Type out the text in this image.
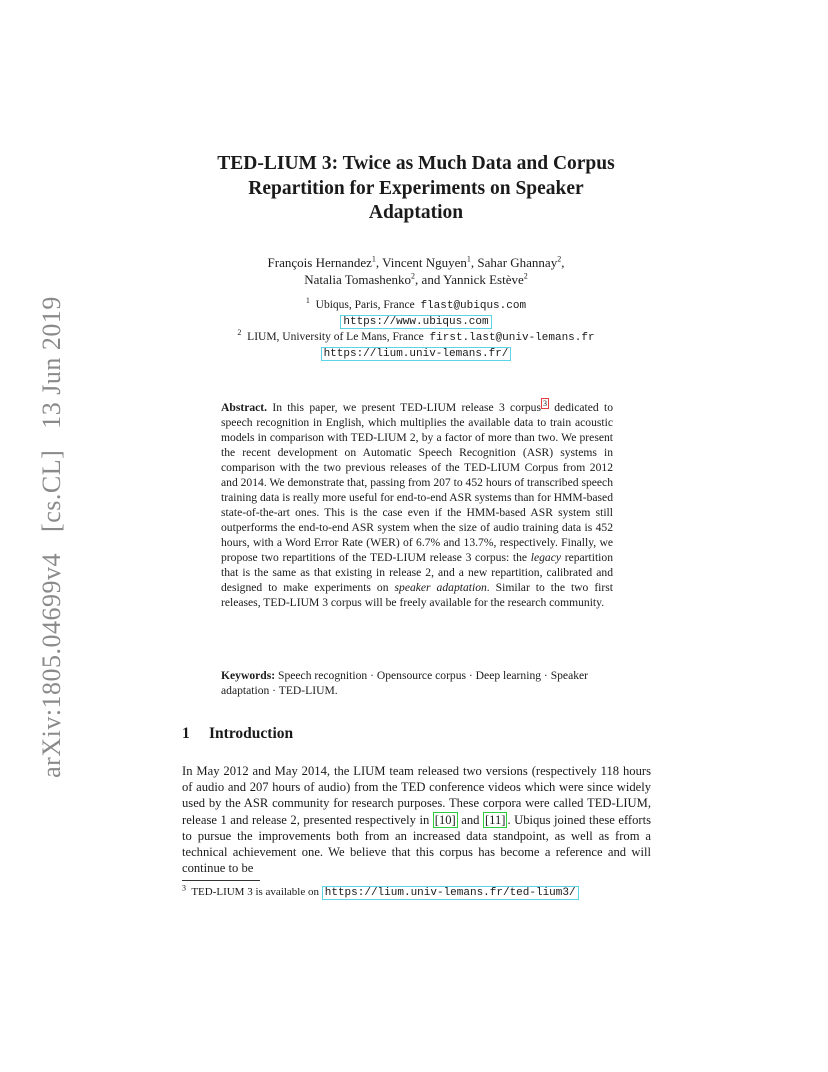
arXiv:1805.04699v4 [cs.CL] 13 Jun 2019
TED-LIUM 3: Twice as Much Data and Corpus
Repartition for Experiments on Speaker
Adaptation
François Hernandez$^1$, Vincent Nguyen$^1$, Sahar Ghannay$^2$,
Natalia Tomashenko$^2$, and Yannick Estève$^2$
$^1$ Ubiqus, Paris, France flast@ubiqus.com
https://www.ubiqus.com
$^2$ LIUM, University of Le Mans, France first.last@univ-lemans.fr
https://lium.univ-lemans.fr/
Abstract. In this paper, we present TED-LIUM release 3 corpus $^3$ dedicated to speech recognition in English, which multiplies the available data to train acoustic models in comparison with TED-LIUM 2, by a factor of more than two. We present the recent development on Automatic Speech Recognition (ASR) systems in comparison with the two previous releases of the TED-LIUM Corpus from 2012 and 2014. We demonstrate that, passing from 207 to 452 hours of transcribed speech training data is really more useful for end-to-end ASR systems than for HMM-based state-of-the-art ones. This is the case even if the HMM-based ASR system still outperforms the end-to-end ASR system when the size of audio training data is 452 hours, with a Word Error Rate (WER) of 6.7% and 13.7%, respectively. Finally, we propose two repartitions of the TED-LIUM release 3 corpus: the legacy repartition that is the same as that existing in release 2, and a new repartition, calibrated and designed to make experiments on speaker adaptation. Similar to the two first releases, TED-LIUM 3 corpus will be freely available for the research community.
Keywords: Speech recognition · Opensource corpus · Deep learning · Speaker adaptation · TED-LIUM.
1 Introduction
In May 2012 and May 2014, the LIUM team released two versions (respectively 118 hours of audio and 207 hours of audio) from the TED conference videos which were since widely used by the ASR community for research purposes. These corpora were called TED-LIUM, release 1 and release 2, presented respectively in [10] and [11] . Ubiqus joined these efforts to pursue the improvements both from an increased data standpoint, as well as from a technical achievement one. We believe that this corpus has become a reference and will continue to be
$^3$ TED-LIUM 3 is available on https://lium.univ-lemans.fr/ted-lium3/
